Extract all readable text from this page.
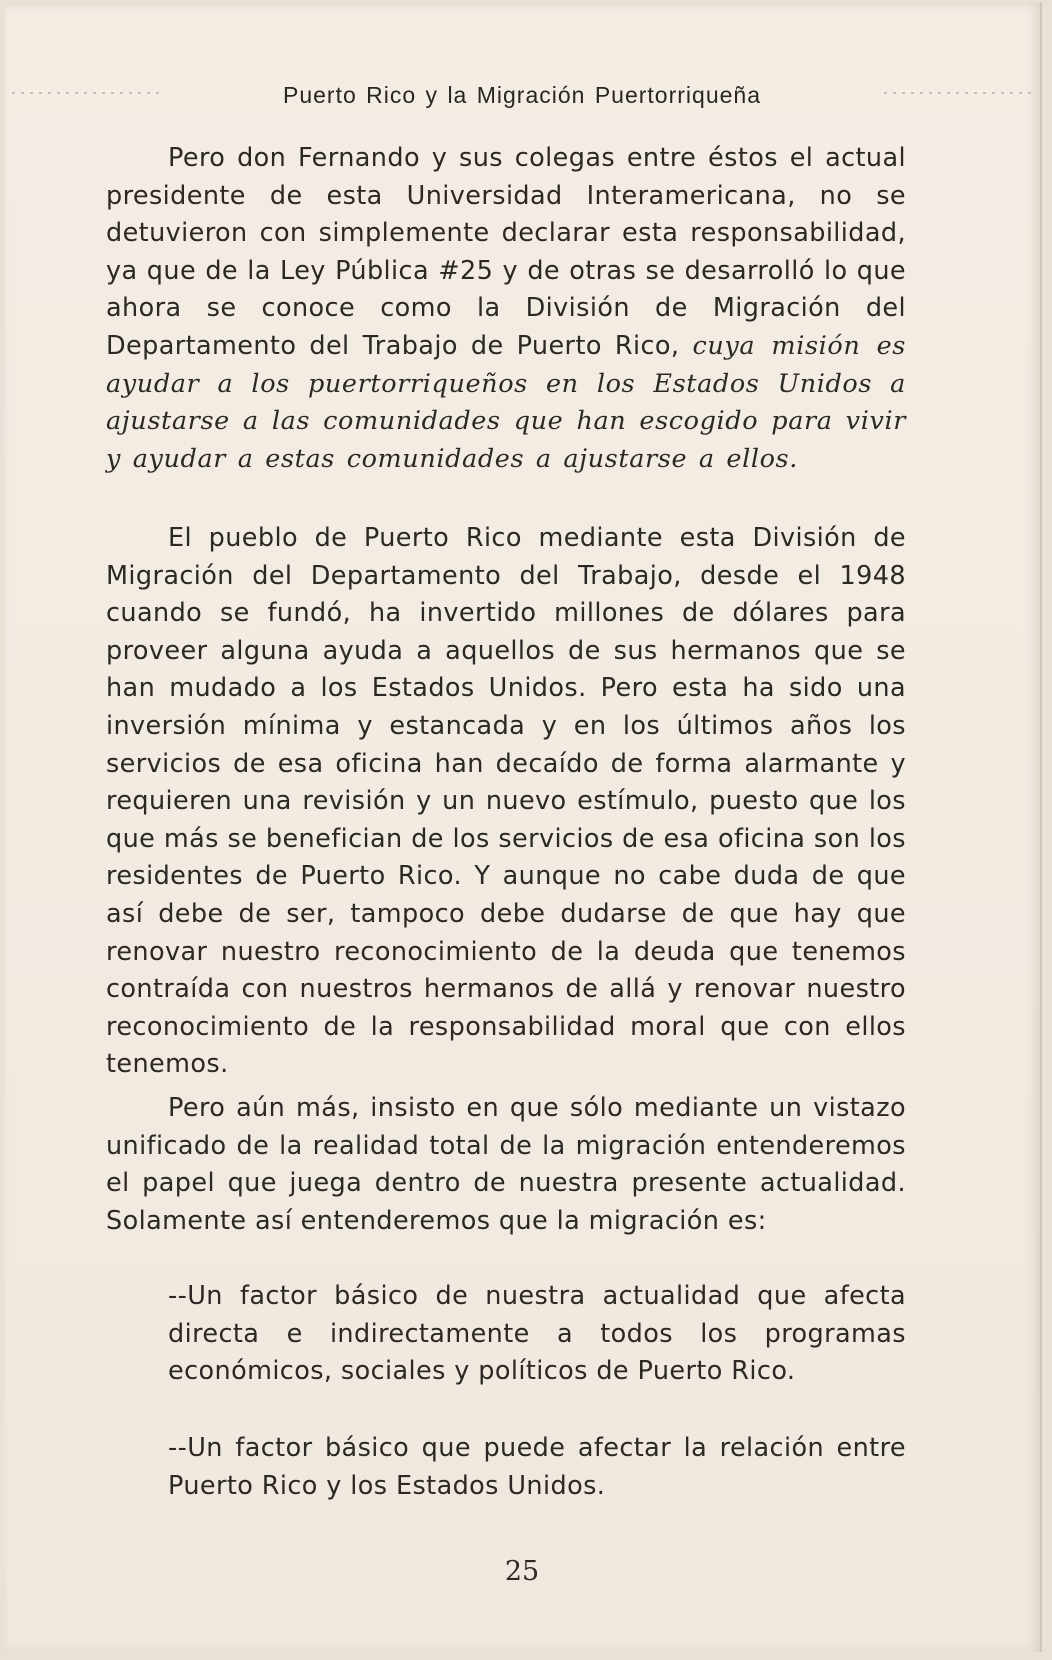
Puerto Rico y la Migración Puertorriqueña

Pero don Fernando y sus colegas entre éstos el actual presidente de esta Universidad Interamericana, no se detuvieron con simplemente declarar esta responsabilidad, ya que de la Ley Pública #25 y de otras se desarrolló lo que ahora se conoce como la División de Migración del Departamento del Trabajo de Puerto Rico, cuya misión es ayudar a los puertorriqueños en los Estados Unidos a ajustarse a las comunidades que han escogido para vivir y ayudar a estas comunidades a ajustarse a ellos.

El pueblo de Puerto Rico mediante esta División de Migración del Departamento del Trabajo, desde el 1948 cuando se fundó, ha invertido millones de dólares para proveer alguna ayuda a aquellos de sus hermanos que se han mudado a los Estados Unidos. Pero esta ha sido una inversión mínima y estancada y en los últimos años los servicios de esa oficina han decaído de forma alarmante y requieren una revisión y un nuevo estímulo, puesto que los que más se benefician de los servicios de esa oficina son los residentes de Puerto Rico. Y aunque no cabe duda de que así debe de ser, tampoco debe dudarse de que hay que renovar nuestro reconocimiento de la deuda que tenemos contraída con nuestros hermanos de allá y renovar nuestro reconocimiento de la responsabilidad moral que con ellos tenemos.

Pero aún más, insisto en que sólo mediante un vistazo unificado de la realidad total de la migración entenderemos el papel que juega dentro de nuestra presente actualidad. Solamente así entenderemos que la migración es:

--Un factor básico de nuestra actualidad que afecta directa e indirectamente a todos los programas económicos, sociales y políticos de Puerto Rico.

--Un factor básico que puede afectar la relación entre Puerto Rico y los Estados Unidos.

25
